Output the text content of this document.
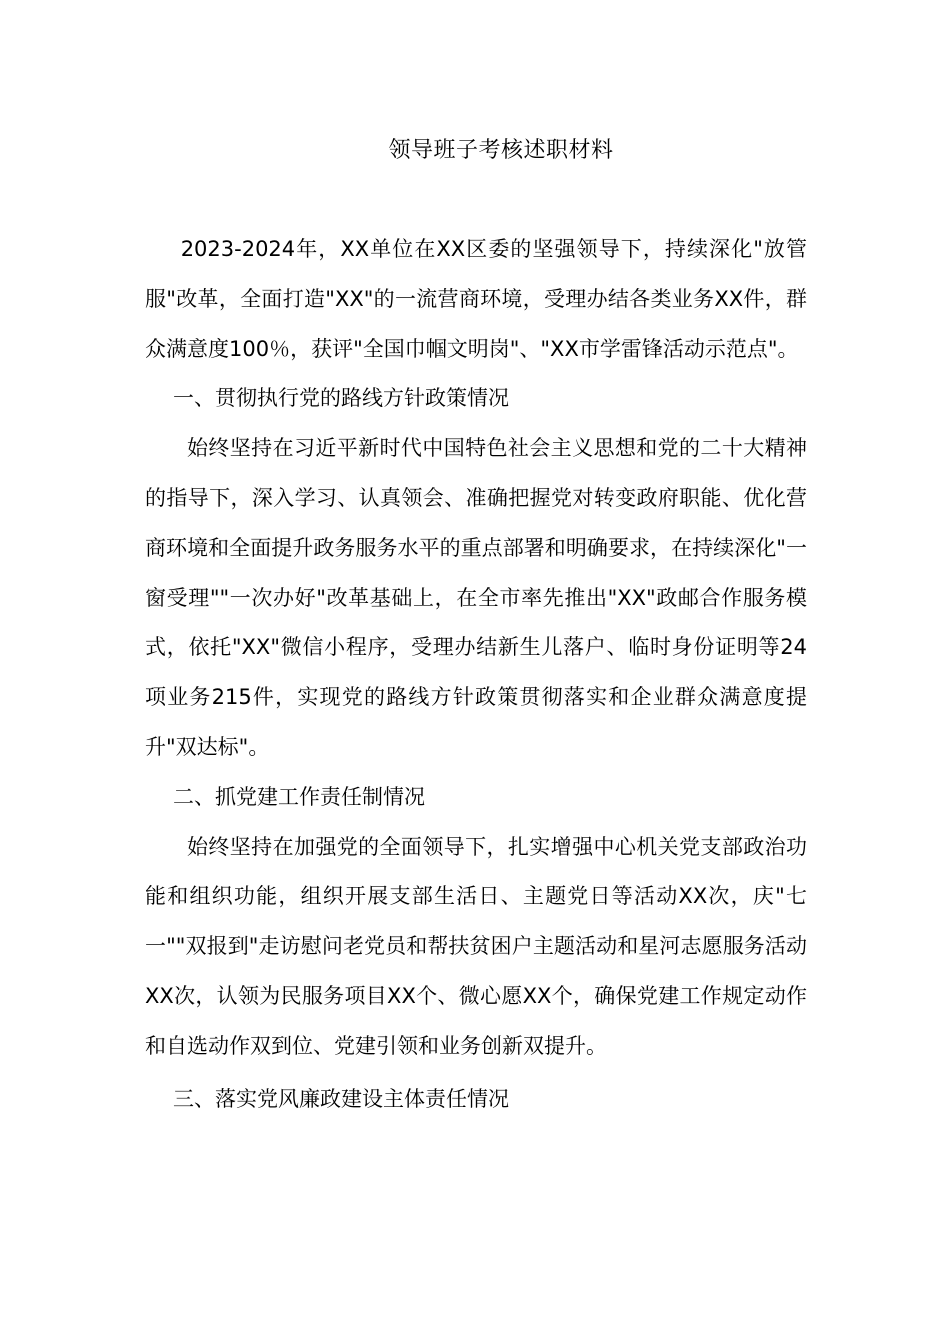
领导班子考核述职材料

2023-2024年，XX单位在XX区委的坚强领导下，持续深化"放管服"改革，全面打造"XX"的一流营商环境，受理办结各类业务XX件，群众满意度100％，获评"全国巾帼文明岗"、"XX市学雷锋活动示范点"。

一、贯彻执行党的路线方针政策情况

始终坚持在习近平新时代中国特色社会主义思想和党的二十大精神的指导下，深入学习、认真领会、准确把握党对转变政府职能、优化营商环境和全面提升政务服务水平的重点部署和明确要求，在持续深化"一窗受理""一次办好"改革基础上，在全市率先推出"XX"政邮合作服务模式，依托"XX"微信小程序，受理办结新生儿落户、临时身份证明等24项业务215件，实现党的路线方针政策贯彻落实和企业群众满意度提升"双达标"。

二、抓党建工作责任制情况

始终坚持在加强党的全面领导下，扎实增强中心机关党支部政治功能和组织功能，组织开展支部生活日、主题党日等活动XX次，庆"七一""双报到"走访慰问老党员和帮扶贫困户主题活动和星河志愿服务活动XX次，认领为民服务项目XX个、微心愿XX个，确保党建工作规定动作和自选动作双到位、党建引领和业务创新双提升。

三、落实党风廉政建设主体责任情况
